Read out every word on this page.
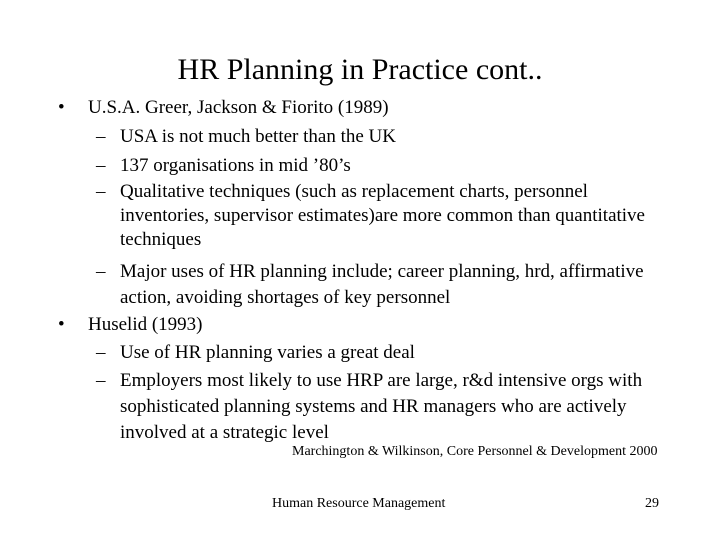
HR Planning in Practice cont..
•	U.S.A. Greer, Jackson & Fiorito (1989)
– USA is not much better than the UK
– 137 organisations in mid ’80’s
– Qualitative techniques (such as replacement charts, personnel inventories, supervisor estimates)are more common than quantitative techniques
– Major uses of HR planning include; career planning, hrd, affirmative action, avoiding shortages of key personnel
•	Huselid (1993)
– Use of HR planning varies a great deal
– Employers most likely to use HRP are large, r&d intensive orgs with sophisticated planning systems and HR managers who are actively involved at a strategic level
Marchington & Wilkinson, Core Personnel & Development 2000
Human Resource Management	29
